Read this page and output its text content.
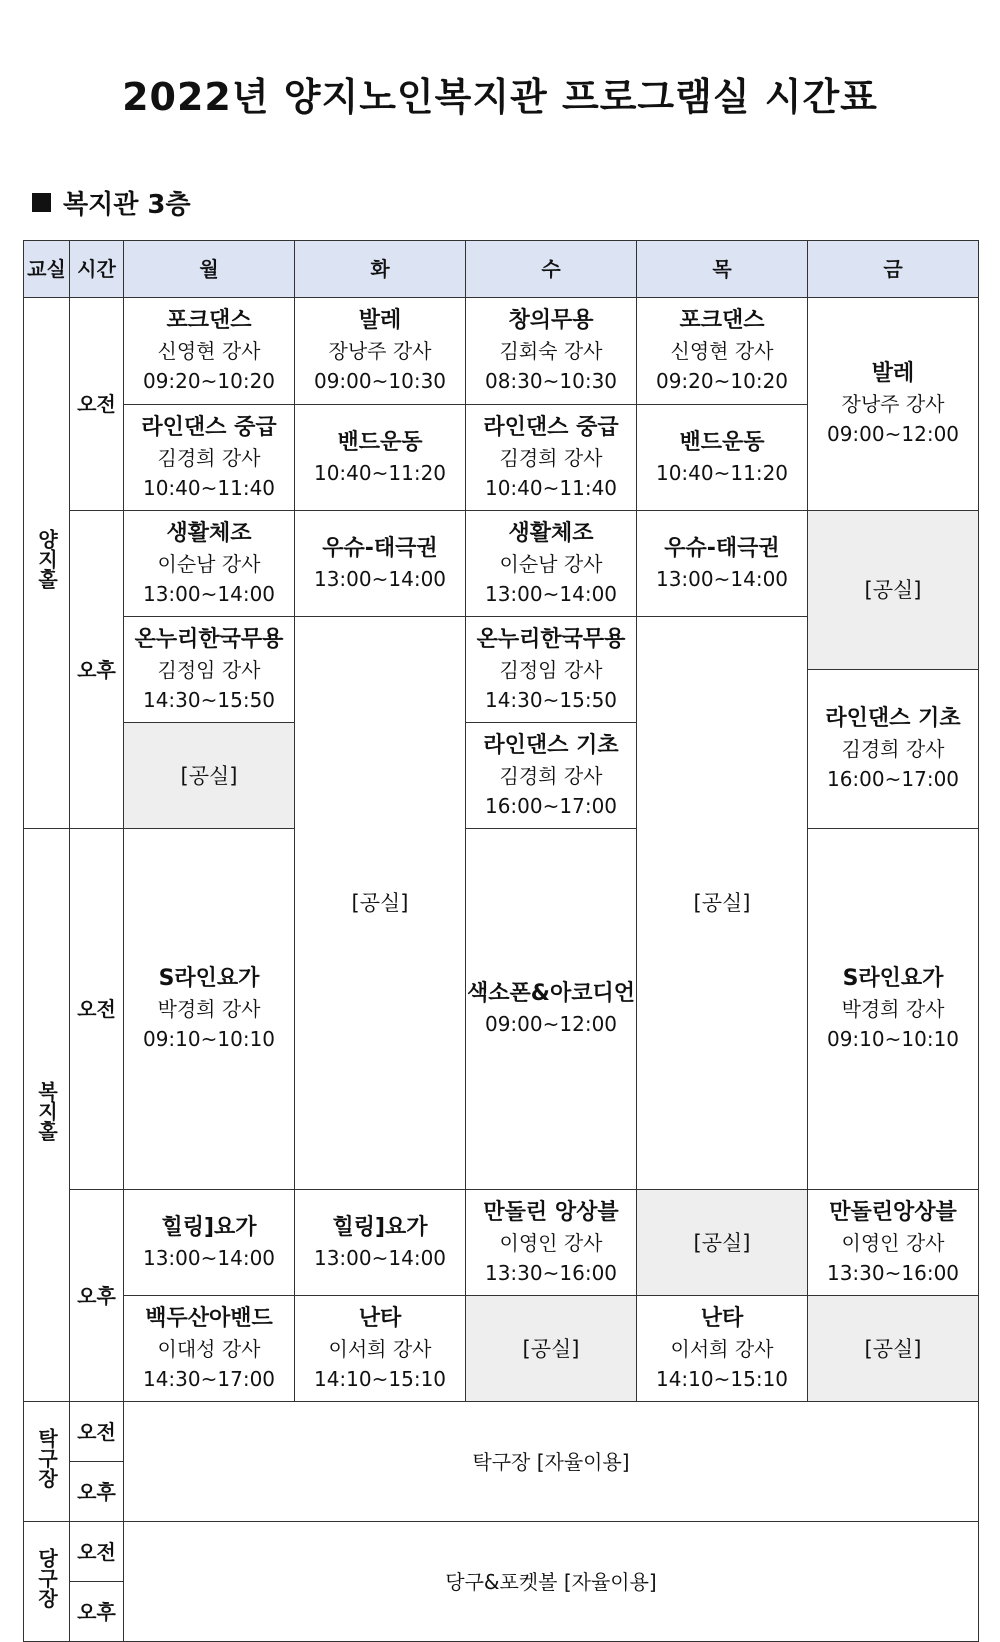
2022년 양지노인복지관 프로그램실 시간표
복지관 3층
교실	시간	월	화	수	목	금	
양지홀	오전	포크댄스
신영현 강사
09:20~10:20	발레
장낭주 강사
09:00~10:30	창의무용
김회숙 강사
08:30~10:30	포크댄스
신영현 강사
09:20~10:20	발레
장낭주 강사
09:00~12:00	

		라인댄스 중급
김경희 강사
10:40~11:40	밴드운동
10:40~11:20	라인댄스 중급
김경희 강사
10:40~11:40	밴드운동
10:40~11:20		

	오후	생활체조
이순남 강사
13:00~14:00	우슈-태극권
13:00~14:00	생활체조
이순남 강사
13:00~14:00	우슈-태극권
13:00~14:00	[공실]	

		온누리한국무용
김정임 강사
14:30~15:50	[공실]	온누리한국무용
김정임 강사
14:30~15:50	[공실]		

						라인댄스 기초
김경희 강사
16:00~17:00	

		[공실]		라인댄스 기초
김경희 강사
16:00~17:00			

복지홀	오전	S라인요가
박경희 강사
09:10~10:10		색소폰&아코디언
09:00~12:00		S라인요가
박경희 강사
09:10~10:10

	오후	힐링]요가
13:00~14:00	힐링]요가
13:00~14:00	만돌린 앙상블
이영인 강사
13:30~16:00	[공실]	만돌린앙상블
이영인 강사
13:30~16:00	

		백두산아밴드
이대성 강사
14:30~17:00	난타
이서희 강사
14:10~15:10	[공실]	난타
이서희 강사
14:10~15:10	[공실]	
탁구장	오전	탁구장 [자율이용]					
	오후						
당구장	오전	당구&포켓볼 [자율이용]					
	오후						
